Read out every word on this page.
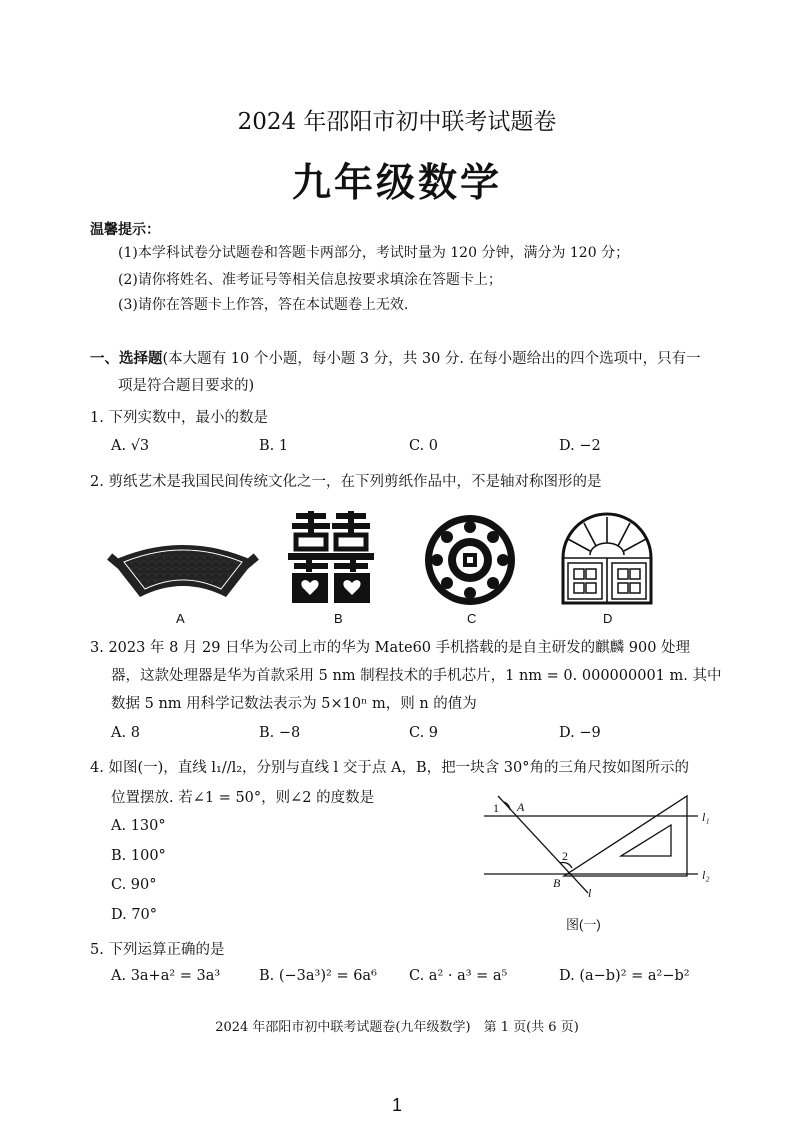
2024 年邵阳市初中联考试题卷
九年级数学
温馨提示：
(1)本学科试卷分试题卷和答题卡两部分，考试时量为 120 分钟，满分为 120 分；
(2)请你将姓名、准考证号等相关信息按要求填涂在答题卡上；
(3)请你在答题卡上作答，答在本试题卷上无效.
一、选择题(本大题有 10 个小题，每小题 3 分，共 30 分. 在每小题给出的四个选项中，只有一
项是符合题目要求的)
1. 下列实数中，最小的数是
A. √3	B. 1	C. 0	D. −2
2. 剪纸艺术是我国民间传统文化之一，在下列剪纸作品中，不是轴对称图形的是
A	B	C	D
3. 2023 年 8 月 29 日华为公司上市的华为 Mate60 手机搭载的是自主研发的麒麟 900 处理
器，这款处理器是华为首款采用 5 nm 制程技术的手机芯片，1 nm = 0. 000000001 m. 其中
数据 5 nm 用科学记数法表示为 5×10ⁿ m，则 n 的值为
A. 8	B. −8	C. 9	D. −9
4. 如图(一)，直线 l₁//l₂，分别与直线 l 交于点 A，B，把一块含 30°角的三角尺按如图所示的
位置摆放. 若∠1 = 50°，则∠2 的度数是
A. 130°
B. 100°
C. 90°
D. 70°
1 A
l₁
2
l₂
B
l
图(一)
5. 下列运算正确的是
A. 3a+a² = 3a³	B. (−3a³)² = 6a⁶ C. a² · a³ = a⁵	D. (a−b)² = a²−b²
2024 年邵阳市初中联考试题卷(九年级数学)　第 1 页(共 6 页)
1
